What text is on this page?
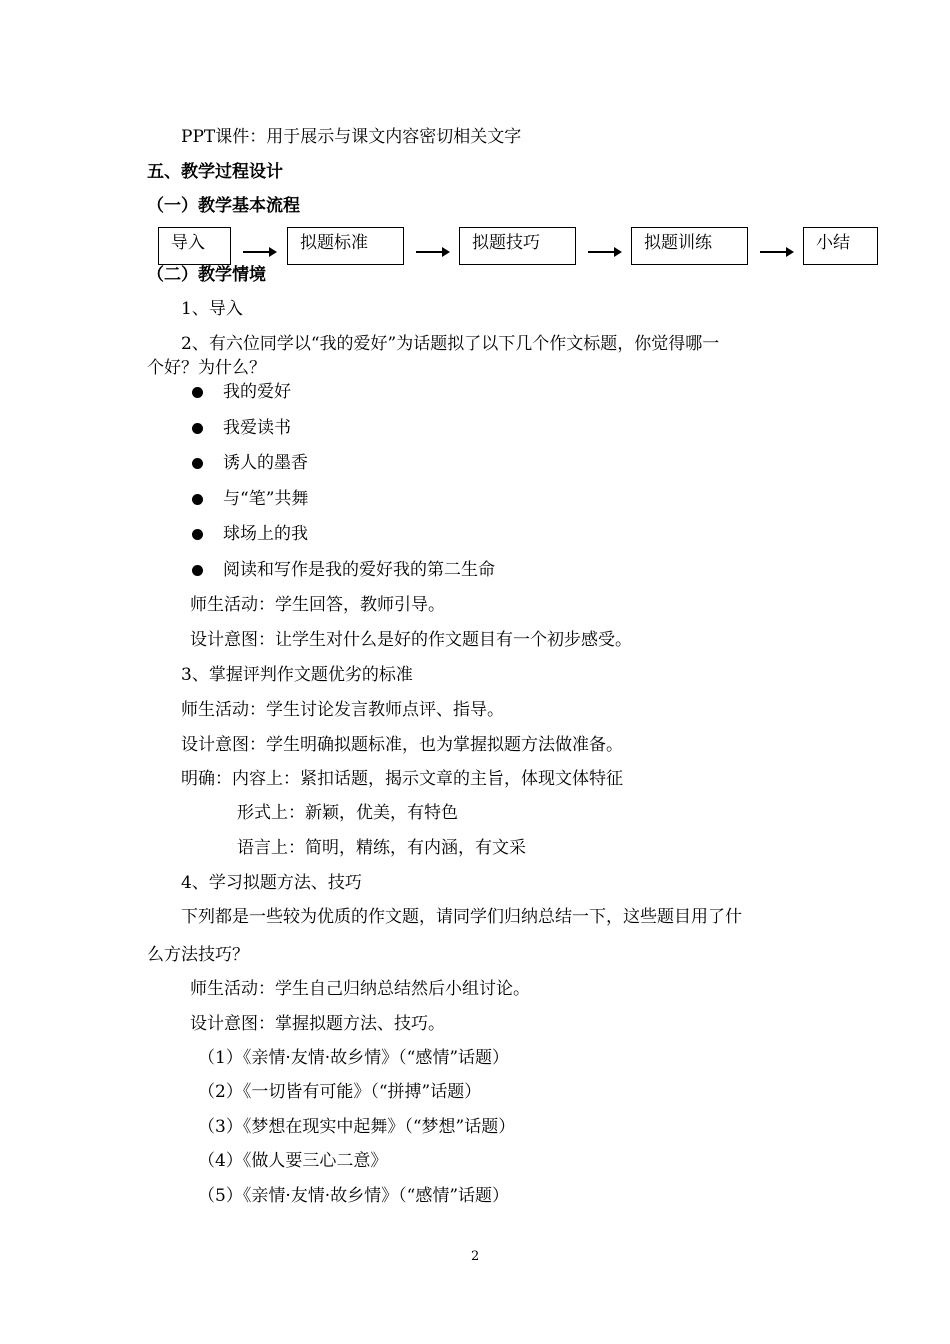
PPT课件：用于展示与课文内容密切相关文字
五、教学过程设计
（一）教学基本流程
导入	拟题标准	拟题技巧	拟题训练	小结
（二）教学情境
1、导入
2、有六位同学以“我的爱好”为话题拟了以下几个作文标题，你觉得哪一
个好？为什么？
我的爱好
我爱读书
诱人的墨香
与“笔”共舞
球场上的我
阅读和写作是我的爱好我的第二生命
师生活动：学生回答，教师引导。
设计意图：让学生对什么是好的作文题目有一个初步感受。
3、掌握评判作文题优劣的标准
师生活动：学生讨论发言教师点评、指导。
设计意图：学生明确拟题标准，也为掌握拟题方法做准备。
明确：内容上：紧扣话题，揭示文章的主旨，体现文体特征
形式上：新颖，优美，有特色
语言上：简明，精练，有内涵，有文采
4、学习拟题方法、技巧
下列都是一些较为优质的作文题，请同学们归纳总结一下，这些题目用了什
么方法技巧？
师生活动：学生自己归纳总结然后小组讨论。
设计意图：掌握拟题方法、技巧。
（1）《亲情·友情·故乡情》（“感情”话题）
（2）《一切皆有可能》（“拼搏”话题）
（3）《梦想在现实中起舞》（“梦想”话题）
（4）《做人要三心二意》
（5）《亲情·友情·故乡情》（“感情”话题）
2
